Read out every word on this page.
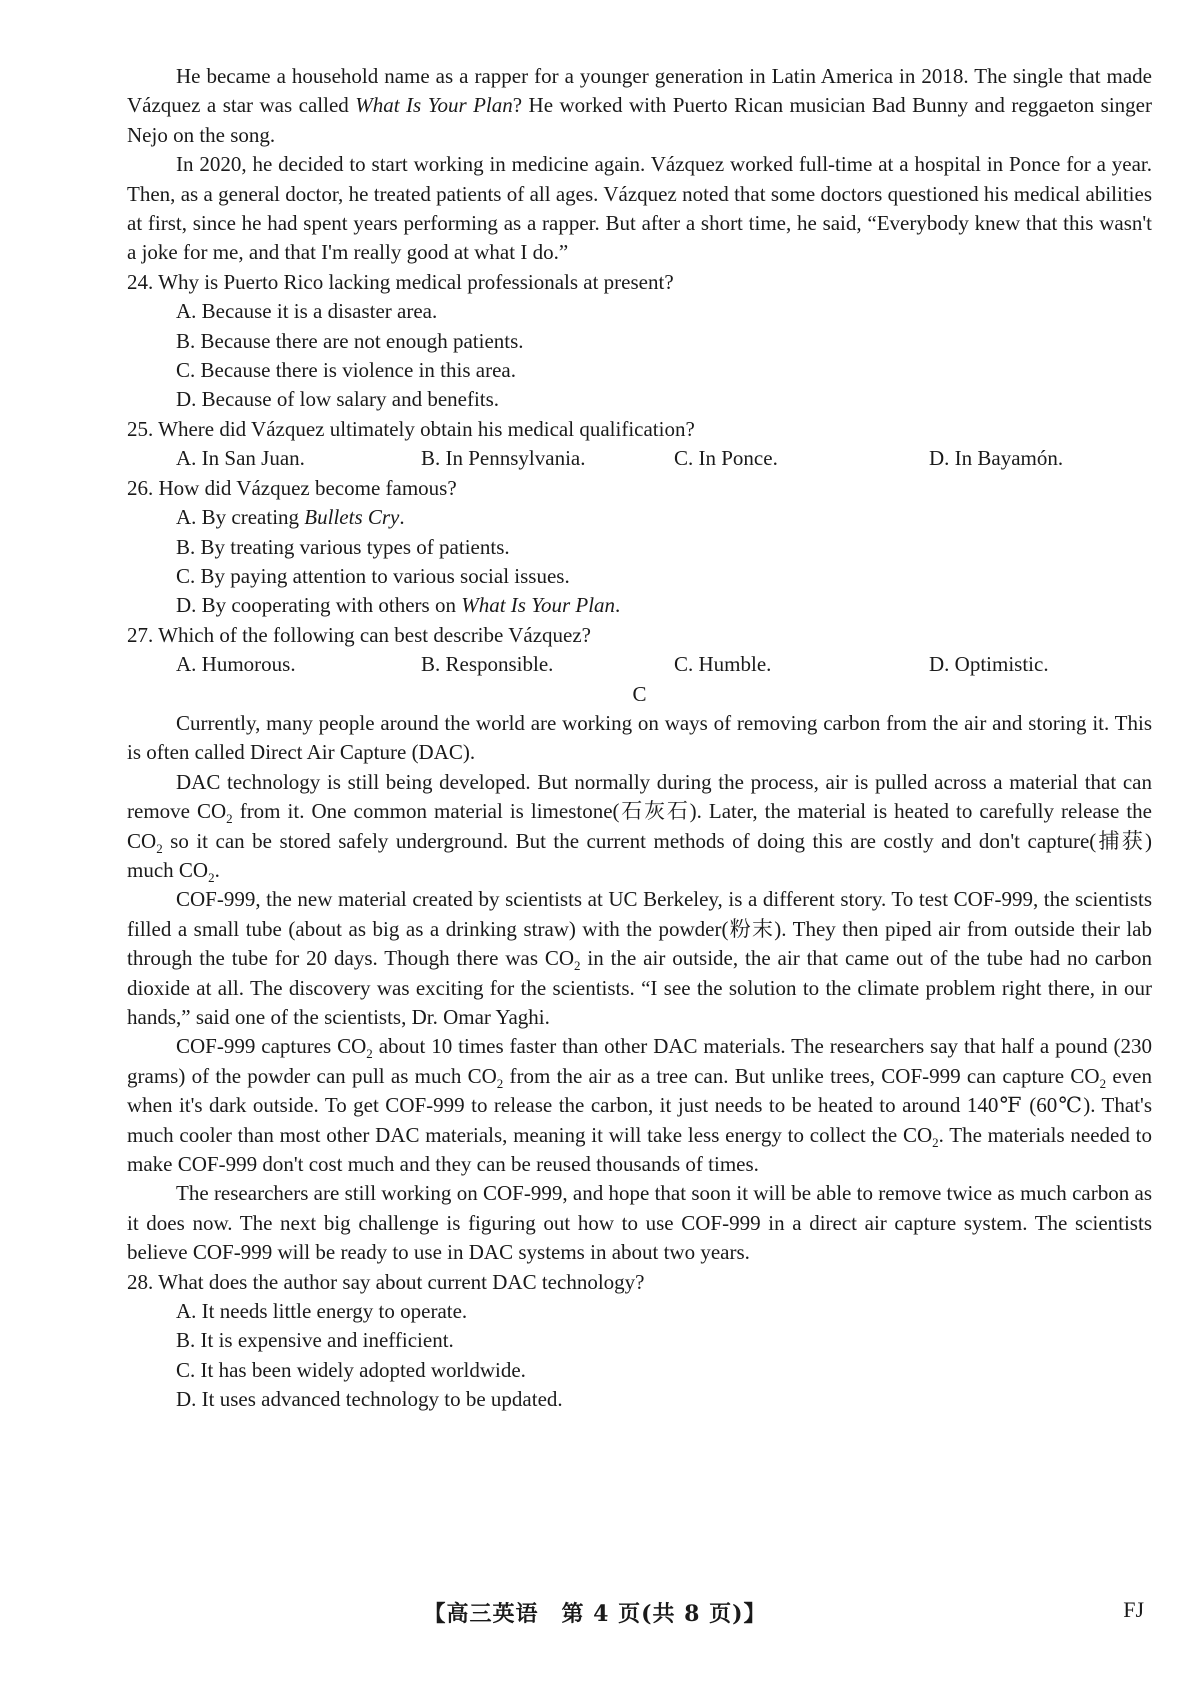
He became a household name as a rapper for a younger generation in Latin America in 2018. The single that made Vázquez a star was called What Is Your Plan? He worked with Puerto Rican musician Bad Bunny and reggaeton singer Nejo on the song.

In 2020, he decided to start working in medicine again. Vázquez worked full-time at a hospital in Ponce for a year. Then, as a general doctor, he treated patients of all ages. Vázquez noted that some doctors questioned his medical abilities at first, since he had spent years performing as a rapper. But after a short time, he said, “Everybody knew that this wasn't a joke for me, and that I'm really good at what I do.”

24. Why is Puerto Rico lacking medical professionals at present?

A. Because it is a disaster area.

B. Because there are not enough patients.

C. Because there is violence in this area.

D. Because of low salary and benefits.

25. Where did Vázquez ultimately obtain his medical qualification?

A. In San Juan.	B. In Pennsylvania.	C. In Ponce.	D. In Bayamón.

26. How did Vázquez become famous?

A. By creating Bullets Cry.

B. By treating various types of patients.

C. By paying attention to various social issues.

D. By cooperating with others on What Is Your Plan.

27. Which of the following can best describe Vázquez?

A. Humorous.	B. Responsible.	C. Humble.	D. Optimistic.

C

Currently, many people around the world are working on ways of removing carbon from the air and storing it. This is often called Direct Air Capture (DAC).

DAC technology is still being developed. But normally during the process, air is pulled across a material that can remove $CO_2$ from it. One common material is limestone(石灰石). Later, the material is heated to carefully release the $CO_2$ so it can be stored safely underground. But the current methods of doing this are costly and don't capture(捕获) much $CO_2$.

COF-999, the new material created by scientists at UC Berkeley, is a different story. To test COF-999, the scientists filled a small tube (about as big as a drinking straw) with the powder(粉末). They then piped air from outside their lab through the tube for 20 days. Though there was $CO_2$ in the air outside, the air that came out of the tube had no carbon dioxide at all. The discovery was exciting for the scientists. “I see the solution to the climate problem right there, in our hands,” said one of the scientists, Dr. Omar Yaghi.

COF-999 captures $CO_2$ about 10 times faster than other DAC materials. The researchers say that half a pound (230 grams) of the powder can pull as much $CO_2$ from the air as a tree can. But unlike trees, COF-999 can capture $CO_2$ even when it's dark outside. To get COF-999 to release the carbon, it just needs to be heated to around 140℉ (60℃). That's much cooler than most other DAC materials, meaning it will take less energy to collect the $CO_2$. The materials needed to make COF-999 don't cost much and they can be reused thousands of times.

The researchers are still working on COF-999, and hope that soon it will be able to remove twice as much carbon as it does now. The next big challenge is figuring out how to use COF-999 in a direct air capture system. The scientists believe COF-999 will be ready to use in DAC systems in about two years.

28. What does the author say about current DAC technology?

A. It needs little energy to operate.

B. It is expensive and inefficient.

C. It has been widely adopted worldwide.

D. It uses advanced technology to be updated.

【高三英语　第 4 页(共 8 页)】	FJ
